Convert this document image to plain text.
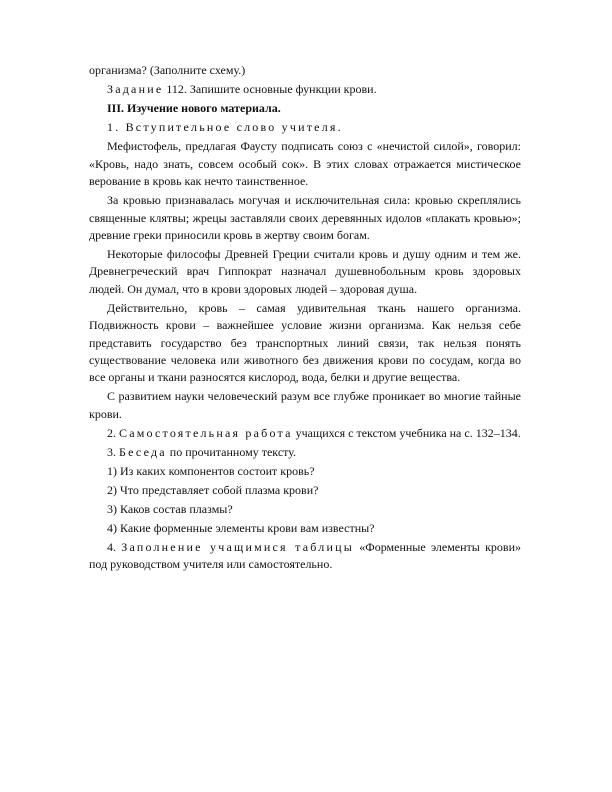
организма? (Заполните схему.)

Задание 112. Запишите основные функции крови.

III. Изучение нового материала.

1. Вступительное слово учителя.

Мефистофель, предлагая Фаусту подписать союз с «нечистой силой», говорил: «Кровь, надо знать, совсем особый сок». В этих словах отражается мистическое верование в кровь как нечто таинственное.

За кровью признавалась могучая и исключительная сила: кровью скреплялись священные клятвы; жрецы заставляли своих деревянных идолов «плакать кровью»; древние греки приносили кровь в жертву своим богам.

Некоторые философы Древней Греции считали кровь и душу одним и тем же. Древнегреческий врач Гиппократ назначал душевнобольным кровь здоровых людей. Он думал, что в крови здоровых людей – здоровая душа.

Действительно, кровь – самая удивительная ткань нашего организма. Подвижность крови – важнейшее условие жизни организма. Как нельзя себе представить государство без транспортных линий связи, так нельзя понять существование человека или животного без движения крови по сосудам, когда во все органы и ткани разносятся кислород, вода, белки и другие вещества.

С развитием науки человеческий разум все глубже проникает во многие тайные крови.

2. Самостоятельная работа учащихся с текстом учебника на с. 132–134.

3. Беседа по прочитанному тексту.

1) Из каких компонентов состоит кровь?

2) Что представляет собой плазма крови?

3) Каков состав плазмы?

4) Какие форменные элементы крови вам известны?

4. Заполнение учащимися таблицы «Форменные элементы крови» под руководством учителя или самостоятельно.
